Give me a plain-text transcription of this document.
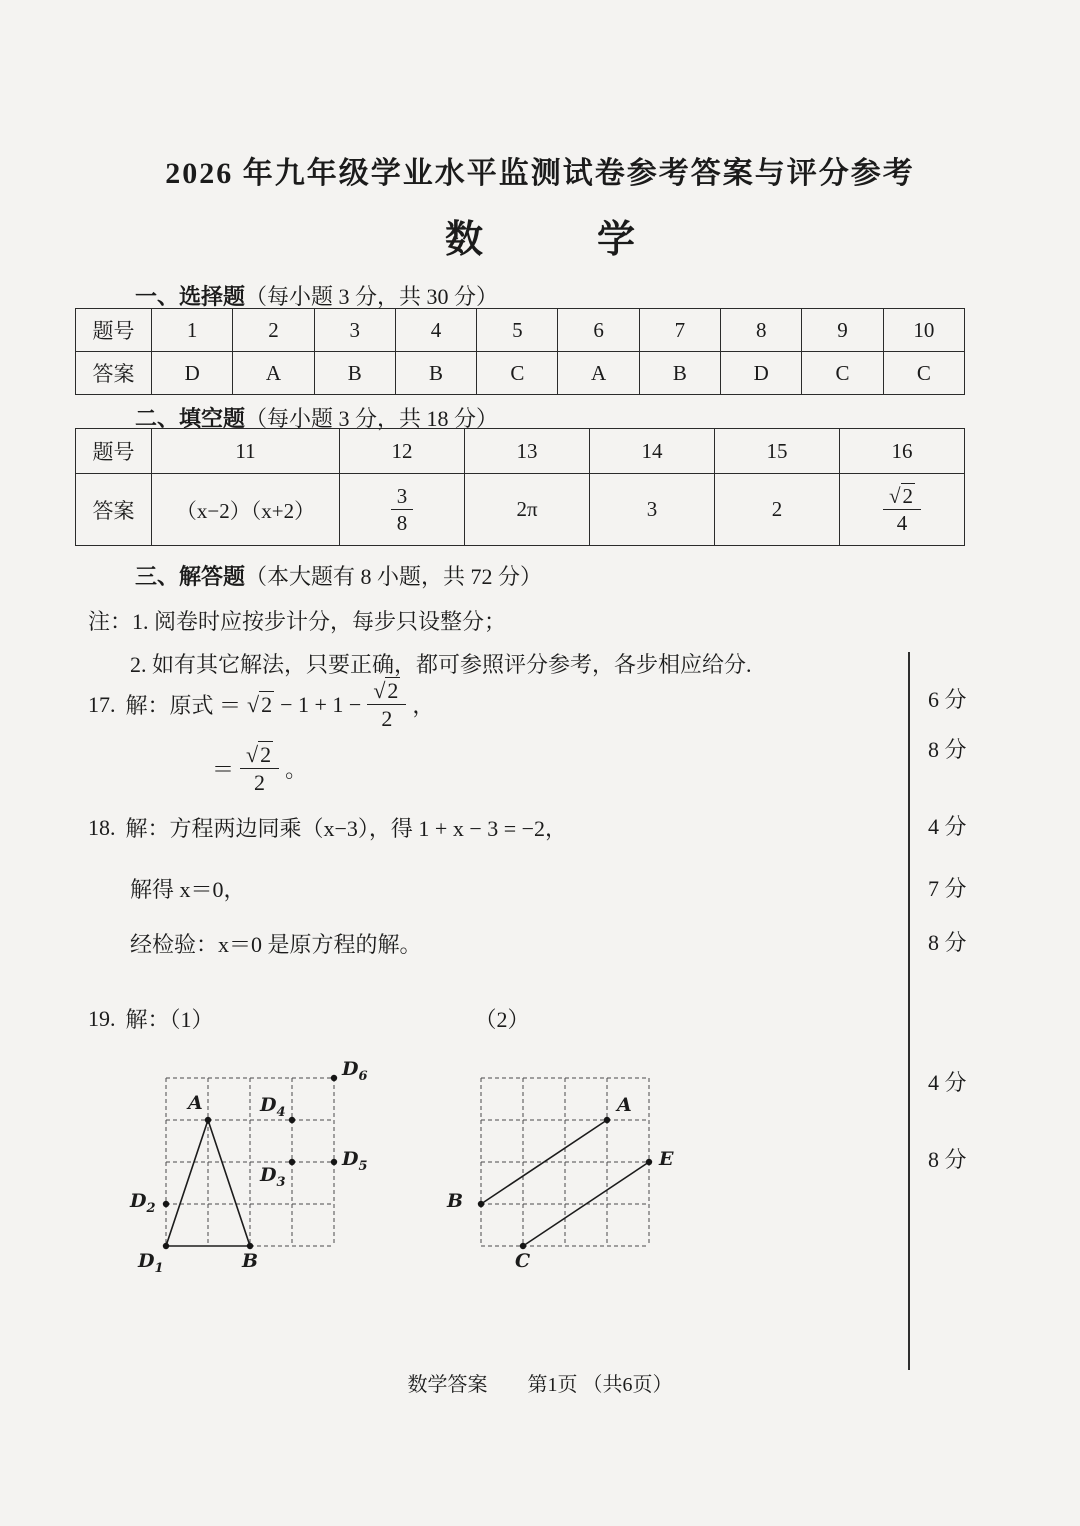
2026 年九年级学业水平监测试卷参考答案与评分参考
数　　　学
一、选择题（每小题 3 分，共 30 分）
题号	1	2	3	4	5	6	7	8	9	10
答案	D	A	B	B	C	A	B	D	C	C
二、填空题（每小题 3 分，共 18 分）
题号	11	12	13	14	15	16
答案	（x−2）（x+2）	$\frac{3}{8}$	2π	3	2	$\frac{√2}{4}$
三、解答题（本大题有 8 小题，共 72 分）
注：1. 阅卷时应按步计分，每步只设整分；
2. 如有其它解法，只要正确，都可参照评分参考，各步相应给分.
17. 解：原式 ＝ $√2 - 1 + 1 - \frac{√2}{2}$ ，
＝ $\frac{√2}{2}$ 。
18. 解：方程两边同乘（x−3），得 1 + x − 3 = −2，
解得 x＝0，
经检验：x＝0 是原方程的解。
19. 解：（1）	（2）
$D_6$
A	$D_4$
$D_5$
$D_3$
$D_2$
$D_1$	B
A
E
B
C
6 分
8 分
4 分
7 分
8 分
4 分
8 分
数学答案　　第1页 （共6页）
